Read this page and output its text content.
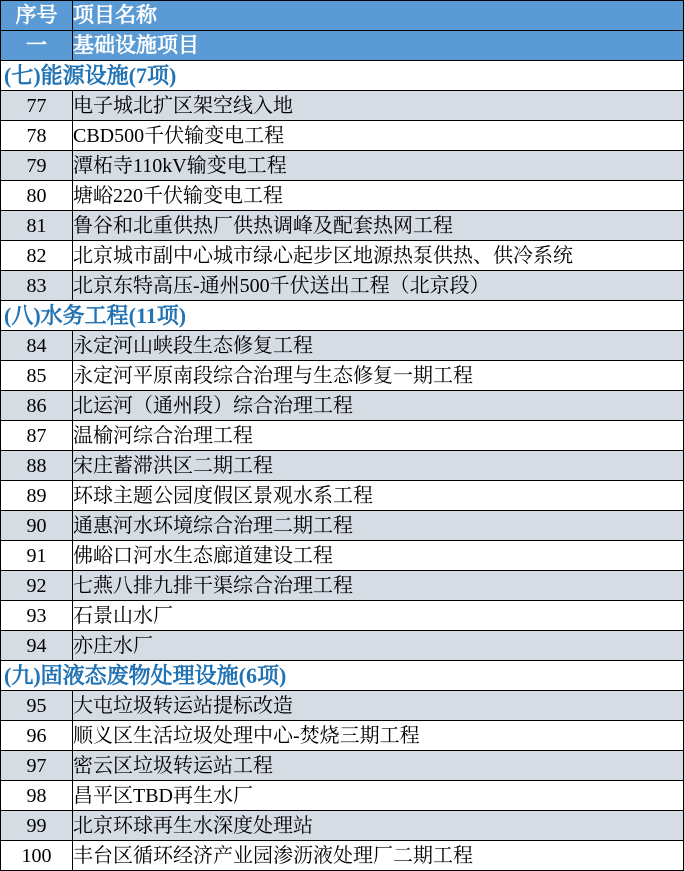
序号	项目名称
一	基础设施项目
(七)能源设施(7项)	
77	电子城北扩区架空线入地
78	CBD500千伏输变电工程
79	潭柘寺110kV输变电工程
80	塘峪220千伏输变电工程
81	鲁谷和北重供热厂供热调峰及配套热网工程
82	北京城市副中心城市绿心起步区地源热泵供热、供冷系统
83	北京东特高压-通州500千伏送出工程（北京段）
(八)水务工程(11项)	
84	永定河山峡段生态修复工程
85	永定河平原南段综合治理与生态修复一期工程
86	北运河（通州段）综合治理工程
87	温榆河综合治理工程
88	宋庄蓄滞洪区二期工程
89	环球主题公园度假区景观水系工程
90	通惠河水环境综合治理二期工程
91	佛峪口河水生态廊道建设工程
92	七燕八排九排干渠综合治理工程
93	石景山水厂
94	亦庄水厂
(九)固液态废物处理设施(6项)	
95	大屯垃圾转运站提标改造
96	顺义区生活垃圾处理中心-焚烧三期工程
97	密云区垃圾转运站工程
98	昌平区TBD再生水厂
99	北京环球再生水深度处理站
100	丰台区循环经济产业园渗沥液处理厂二期工程
